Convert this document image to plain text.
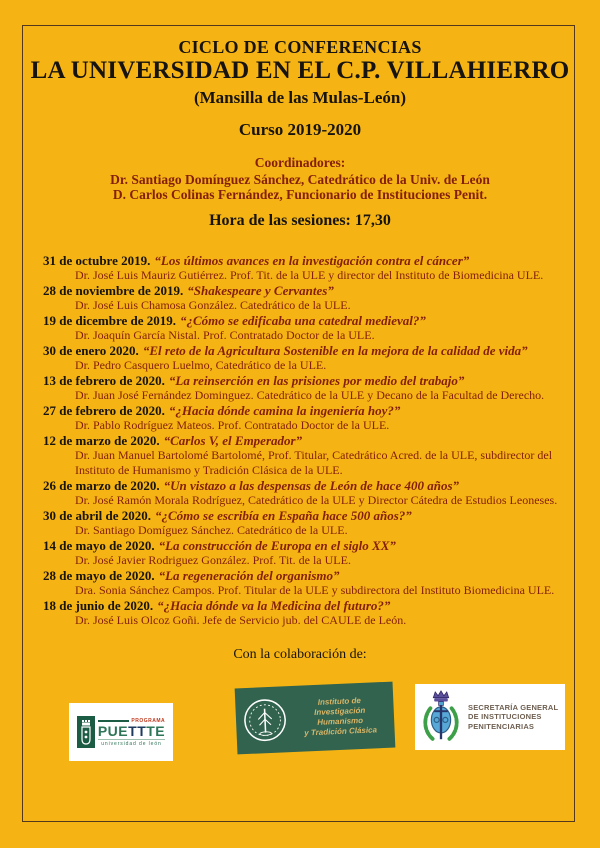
CICLO DE CONFERENCIAS
LA UNIVERSIDAD EN EL C.P. VILLAHIERRO
(Mansilla de las Mulas-León)
Curso 2019-2020
Coordinadores:
Dr. Santiago Domínguez Sánchez, Catedrático de la Univ. de León
D. Carlos Colinas Fernández, Funcionario de Instituciones Penit.
Hora de las sesiones: 17,30
31 de octubre 2019. “Los últimos avances en la investigación contra el cáncer”
Dr. José Luis Mauriz Gutiérrez. Prof. Tit. de la ULE y director del Instituto de Biomedicina ULE.
28 de noviembre de 2019. “Shakespeare y Cervantes”
Dr. José Luis Chamosa González. Catedrático de la ULE.
19 de dicembre de 2019. “¿Cómo se edificaba una catedral medieval?”
Dr. Joaquín García Nistal. Prof. Contratado Doctor de la ULE.
30 de enero 2020. “El reto de la Agricultura Sostenible en la mejora de la calidad de vida”
Dr. Pedro Casquero Luelmo, Catedrático de la ULE.
13 de febrero de 2020. “La reinserción en las prisiones por medio del trabajo”
Dr. Juan José Fernández Dominguez. Catedrático de la ULE y Decano de la Facultad de Derecho.
27 de febrero de 2020. “¿Hacia dónde camina la ingeniería hoy?”
Dr. Pablo Rodríguez Mateos. Prof. Contratado Doctor de la ULE.
12 de marzo de 2020. “Carlos V, el Emperador”
Dr. Juan Manuel Bartolomé Bartolomé, Prof. Titular, Catedrático Acred. de la ULE, subdirector del Instituto de Humanismo y Tradición Clásica de la ULE.
26 de marzo de 2020. “Un vistazo a las despensas de León de hace 400 años”
Dr. José Ramón Morala Rodríguez, Catedrático de la ULE y Director Cátedra de Estudios Leoneses.
30 de abril de 2020. “¿Cómo se escribía en España hace 500 años?”
Dr. Santiago Domíguez Sánchez. Catedrático de la ULE.
14 de mayo de 2020. “La construcción de Europa en el siglo XX”
Dr. José Javier Rodriguez González. Prof. Tit. de la ULE.
28 de mayo de 2020. “La regeneración del organismo”
Dra. Sonia Sánchez Campos. Prof. Titular de la ULE y subdirectora del Instituto Biomedicina ULE.
18 de junio de 2020. “¿Hacia dónde va la Medicina del futuro?”
Dr. José Luis Olcoz Goñi. Jefe de Servicio jub. del CAULE de León.
Con la colaboración de:
PROGRAMA
PUETTTE
universidad de león
Instituto de
Investigación Humanismo
y Tradición Clásica
SECRETARÍA GENERAL
DE INSTITUCIONES
PENITENCIARIAS
